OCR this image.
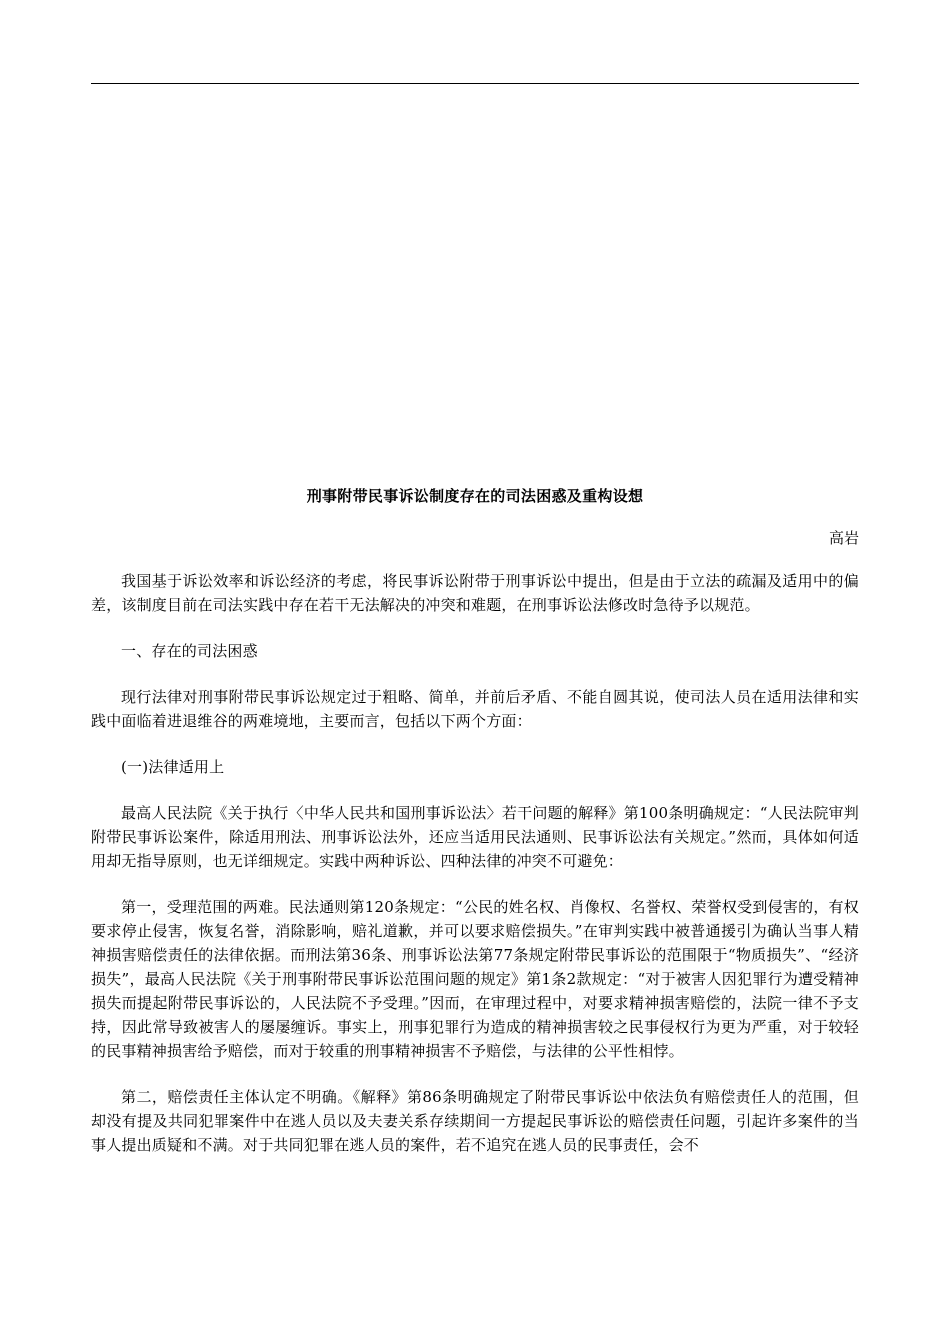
刑事附带民事诉讼制度存在的司法困惑及重构设想

高岩

我国基于诉讼效率和诉讼经济的考虑，将民事诉讼附带于刑事诉讼中提出，但是由于立法的疏漏及适用中的偏差，该制度目前在司法实践中存在若干无法解决的冲突和难题，在刑事诉讼法修改时急待予以规范。

一、存在的司法困惑

现行法律对刑事附带民事诉讼规定过于粗略、简单，并前后矛盾、不能自圆其说，使司法人员在适用法律和实践中面临着进退维谷的两难境地，主要而言，包括以下两个方面：

(一)法律适用上

最高人民法院《关于执行〈中华人民共和国刑事诉讼法〉若干问题的解释》第100条明确规定：“人民法院审判附带民事诉讼案件，除适用刑法、刑事诉讼法外，还应当适用民法通则、民事诉讼法有关规定。”然而，具体如何适用却无指导原则，也无详细规定。实践中两种诉讼、四种法律的冲突不可避免：

第一，受理范围的两难。民法通则第120条规定：“公民的姓名权、肖像权、名誉权、荣誉权受到侵害的，有权要求停止侵害，恢复名誉，消除影响，赔礼道歉，并可以要求赔偿损失。”在审判实践中被普通援引为确认当事人精神损害赔偿责任的法律依据。而刑法第36条、刑事诉讼法第77条规定附带民事诉讼的范围限于“物质损失”、“经济损失”，最高人民法院《关于刑事附带民事诉讼范围问题的规定》第1条2款规定：“对于被害人因犯罪行为遭受精神损失而提起附带民事诉讼的，人民法院不予受理。”因而，在审理过程中，对要求精神损害赔偿的，法院一律不予支持，因此常导致被害人的屡屡缠诉。事实上，刑事犯罪行为造成的精神损害较之民事侵权行为更为严重，对于较轻的民事精神损害给予赔偿，而对于较重的刑事精神损害不予赔偿，与法律的公平性相悖。

第二，赔偿责任主体认定不明确。《解释》第86条明确规定了附带民事诉讼中依法负有赔偿责任人的范围，但却没有提及共同犯罪案件中在逃人员以及夫妻关系存续期间一方提起民事诉讼的赔偿责任问题，引起许多案件的当事人提出质疑和不满。对于共同犯罪在逃人员的案件，若不追究在逃人员的民事责任，会不
